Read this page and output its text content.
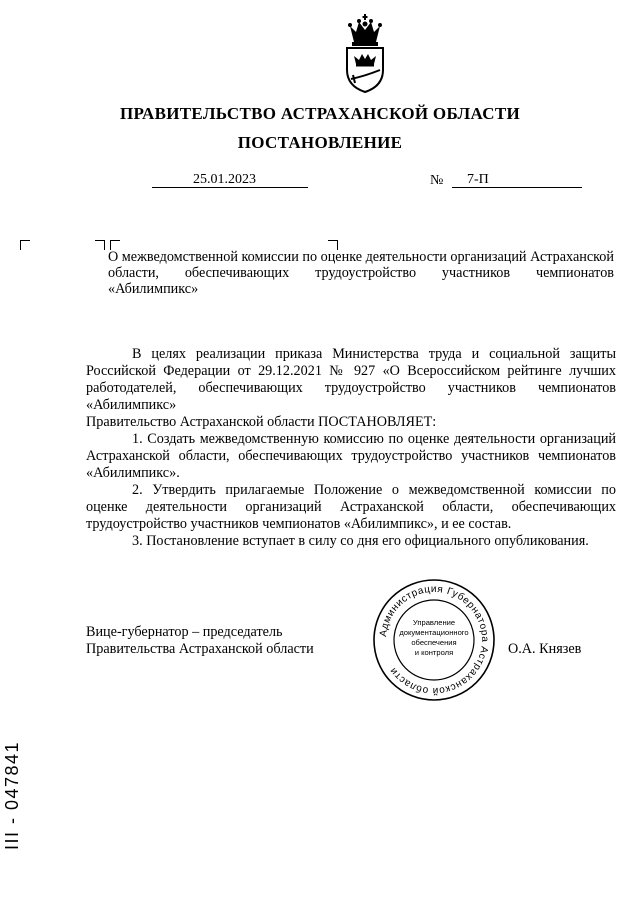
ПРАВИТЕЛЬСТВО АСТРАХАНСКОЙ ОБЛАСТИ
ПОСТАНОВЛЕНИЕ
25.01.2023	№ 7-П
О межведомственной комиссии по оценке деятельности организаций Астраханской области, обеспечивающих трудоустройство участников чемпионатов «Абилимпикс»

В целях реализации приказа Министерства труда и социальной защиты Российской Федерации от 29.12.2021 № 927 «О Всероссийском рейтинге лучших работодателей, обеспечивающих трудоустройство участников чемпионатов «Абилимпикс»

Правительство Астраханской области ПОСТАНОВЛЯЕТ:

1. Создать межведомственную комиссию по оценке деятельности организаций Астраханской области, обеспечивающих трудоустройство участников чемпионатов «Абилимпикс».

2. Утвердить прилагаемые Положение о межведомственной комиссии по оценке деятельности организаций Астраханской области, обеспечивающих трудоустройство участников чемпионатов «Абилимпикс», и ее состав.

3. Постановление вступает в силу со дня его официального опубликования.

Вице-губернатор – председатель
Правительства Астраханской области	О.А. Князев
Администрация Губернатора Астраханской области
Управление
документационного
обеспечения
и контроля
ІІІ - 047841
